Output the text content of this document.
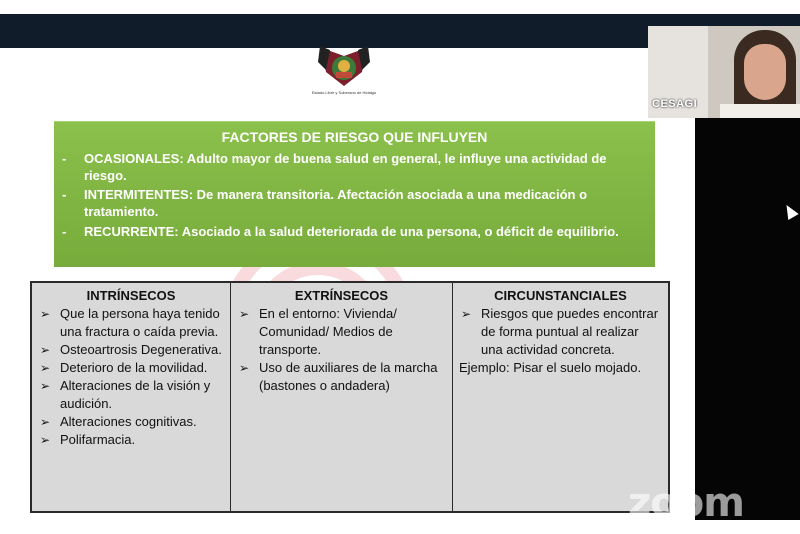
CESAGI
Estado Libre y Soberano de Hidalgo
FACTORES DE RIESGO QUE INFLUYEN
- OCASIONALES: Adulto mayor de buena salud en general, le influye una actividad de riesgo.
- INTERMITENTES: De manera transitoria. Afectación asociada a una medicación o tratamiento.
- RECURRENTE: Asociado a la salud deteriorada de una persona, o déficit de equilibrio.
INTRÍNSECOS
➢ Que la persona haya tenido una fractura o caída previa.
➢ Osteoartrosis Degenerativa.
➢ Deterioro de la movilidad.
➢ Alteraciones de la visión y audición.
➢ Alteraciones cognitivas.
➢ Polifarmacia.
EXTRÍNSECOS
➢ En el entorno: Vivienda/ Comunidad/ Medios de transporte.
➢ Uso de auxiliares de la marcha (bastones o andadera)
CIRCUNSTANCIALES
➢ Riesgos que puedes encontrar de forma puntual al realizar una actividad concreta.
Ejemplo: Pisar el suelo mojado.
zoom
